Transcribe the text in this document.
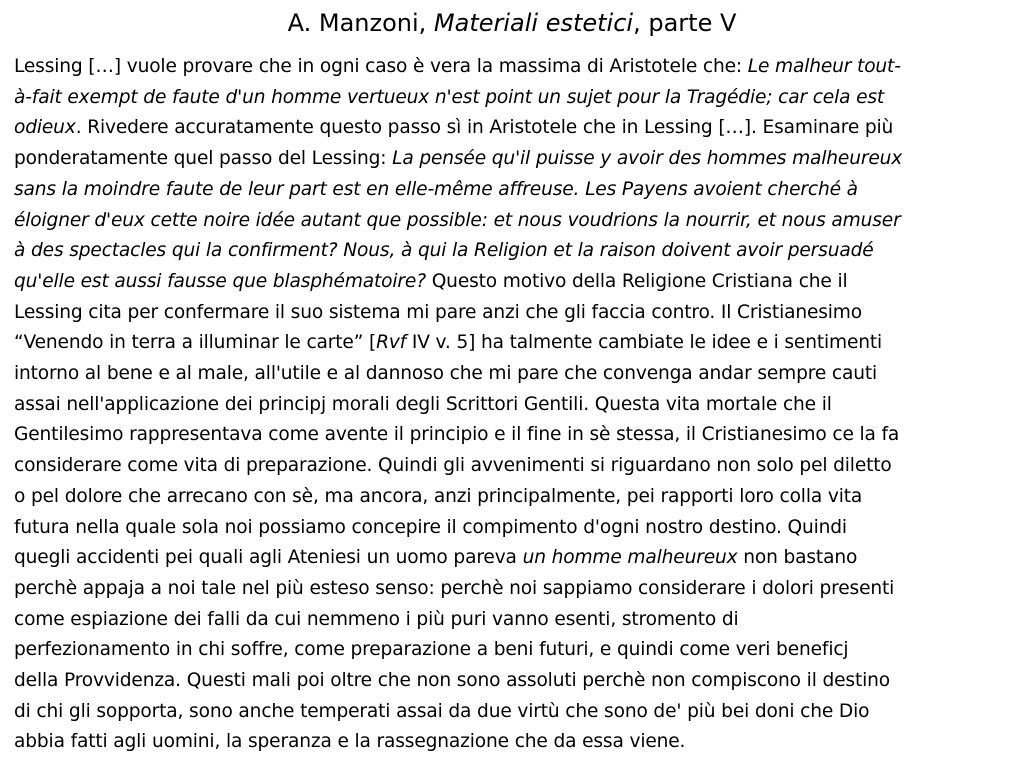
A. Manzoni, Materiali estetici, parte V
Lessing […] vuole provare che in ogni caso è vera la massima di Aristotele che: Le malheur tout-
à-fait exempt de faute d'un homme vertueux n'est point un sujet pour la Tragédie; car cela est
odieux. Rivedere accuratamente questo passo sì in Aristotele che in Lessing […]. Esaminare più
ponderatamente quel passo del Lessing: La pensée qu'il puisse y avoir des hommes malheureux
sans la moindre faute de leur part est en elle-même affreuse. Les Payens avoient cherché à
éloigner d'eux cette noire idée autant que possible: et nous voudrions la nourrir, et nous amuser
à des spectacles qui la confirment? Nous, à qui la Religion et la raison doivent avoir persuadé
qu'elle est aussi fausse que blasphématoire? Questo motivo della Religione Cristiana che il
Lessing cita per confermare il suo sistema mi pare anzi che gli faccia contro. Il Cristianesimo
“Venendo in terra a illuminar le carte” [Rvf IV v. 5] ha talmente cambiate le idee e i sentimenti
intorno al bene e al male, all'utile e al dannoso che mi pare che convenga andar sempre cauti
assai nell'applicazione dei principj morali degli Scrittori Gentili. Questa vita mortale che il
Gentilesimo rappresentava come avente il principio e il fine in sè stessa, il Cristianesimo ce la fa
considerare come vita di preparazione. Quindi gli avvenimenti si riguardano non solo pel diletto
o pel dolore che arrecano con sè, ma ancora, anzi principalmente, pei rapporti loro colla vita
futura nella quale sola noi possiamo concepire il compimento d'ogni nostro destino. Quindi
quegli accidenti pei quali agli Ateniesi un uomo pareva un homme malheureux non bastano
perchè appaja a noi tale nel più esteso senso: perchè noi sappiamo considerare i dolori presenti
come espiazione dei falli da cui nemmeno i più puri vanno esenti, stromento di
perfezionamento in chi soffre, come preparazione a beni futuri, e quindi come veri beneficj
della Provvidenza. Questi mali poi oltre che non sono assoluti perchè non compiscono il destino
di chi gli sopporta, sono anche temperati assai da due virtù che sono de' più bei doni che Dio
abbia fatti agli uomini, la speranza e la rassegnazione che da essa viene.
